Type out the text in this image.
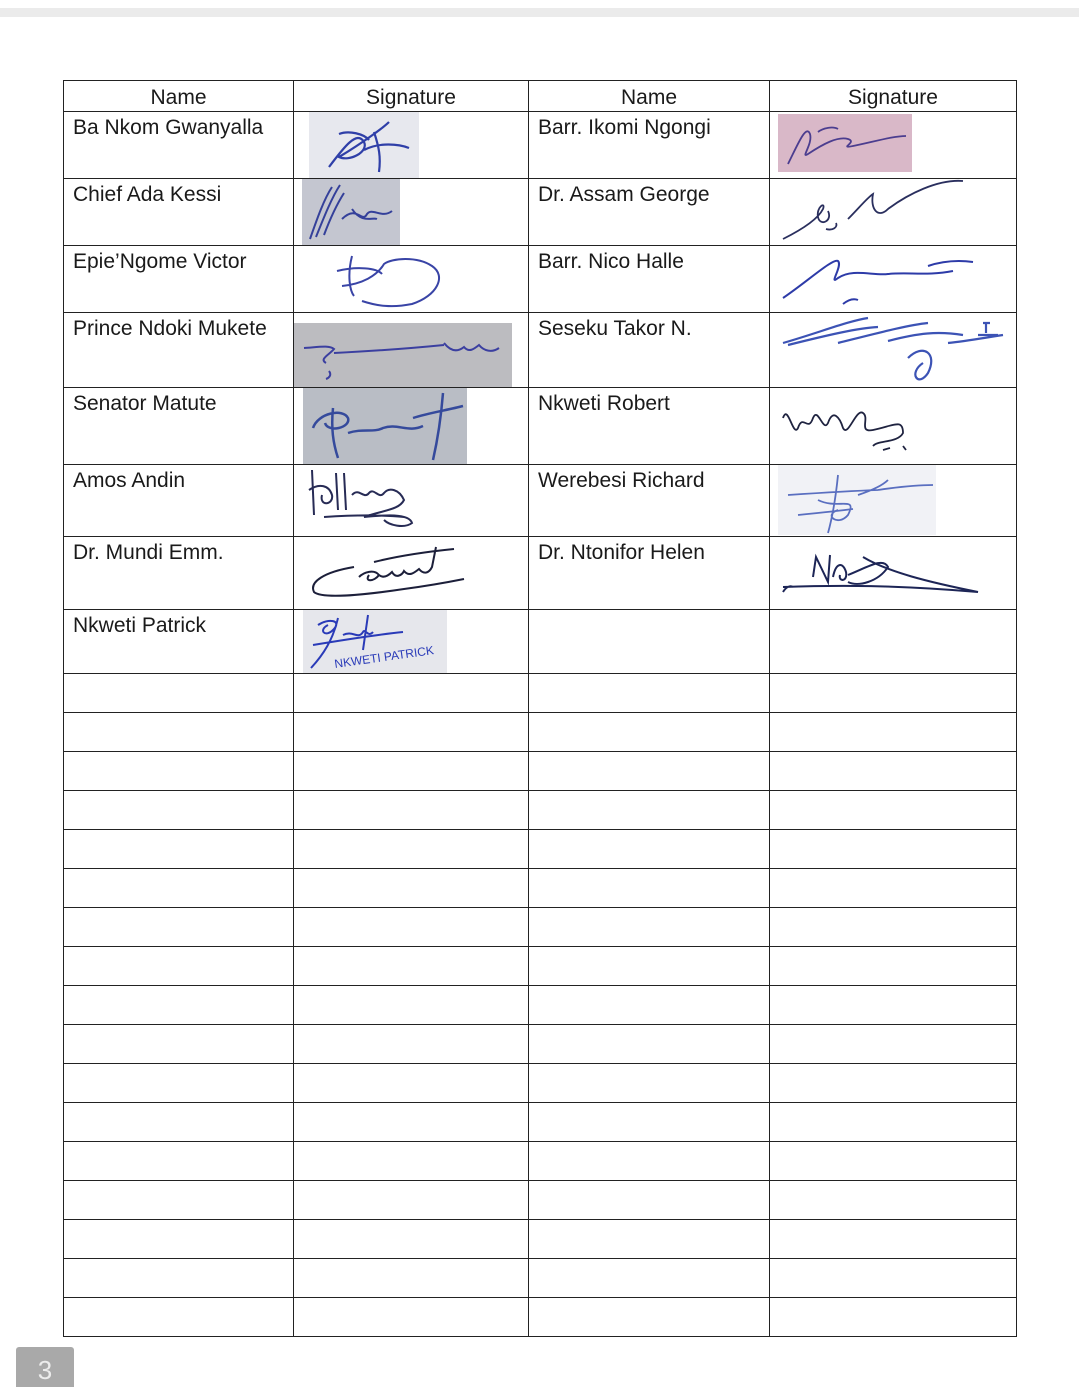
Name	Signature	Name	Signature

Ba Nkom Gwanyalla		Barr. Ikomi Ngongi

Chief Ada Kessi		Dr. Assam George

Epie’Ngome Victor		Barr. Nico Halle

Prince Ndoki Mukete		Seseku Takor N.

Senator Matute		Nkweti Robert

Amos Andin		Werebesi Richard

Dr. Mundi Emm.		Dr. Ntonifor Helen

Nkweti Patrick	NKWETI PATRICK		

3
